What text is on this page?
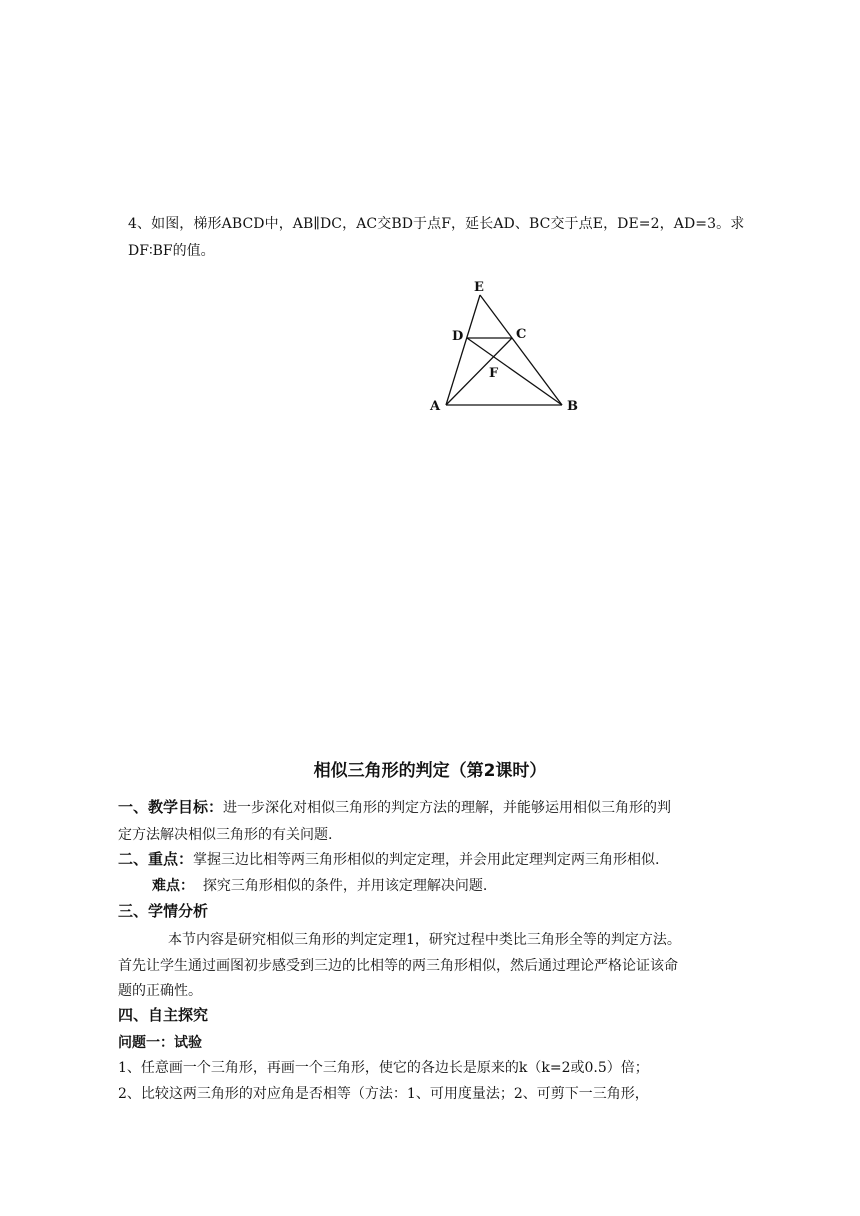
4、如图，梯形ABCD中，AB∥DC，AC交BD于点F，延长AD、BC交于点E，DE=2，AD=3。求
DF∶BF的值。
E
D	C
F
A	B
相似三角形的判定（第2课时）
一、教学目标：进一步深化对相似三角形的判定方法的理解，并能够运用相似三角形的判
定方法解决相似三角形的有关问题.
二、重点：掌握三边比相等两三角形相似的判定定理，并会用此定理判定两三角形相似.
难点： 探究三角形相似的条件，并用该定理解决问题.
三、学情分析
本节内容是研究相似三角形的判定定理1，研究过程中类比三角形全等的判定方法。
首先让学生通过画图初步感受到三边的比相等的两三角形相似，然后通过理论严格论证该命
题的正确性。
四、自主探究
问题一：试验
1、任意画一个三角形，再画一个三角形，使它的各边长是原来的k（k=2或0.5）倍；
2、比较这两三角形的对应角是否相等（方法：1、可用度量法；2、可剪下一三角形，
